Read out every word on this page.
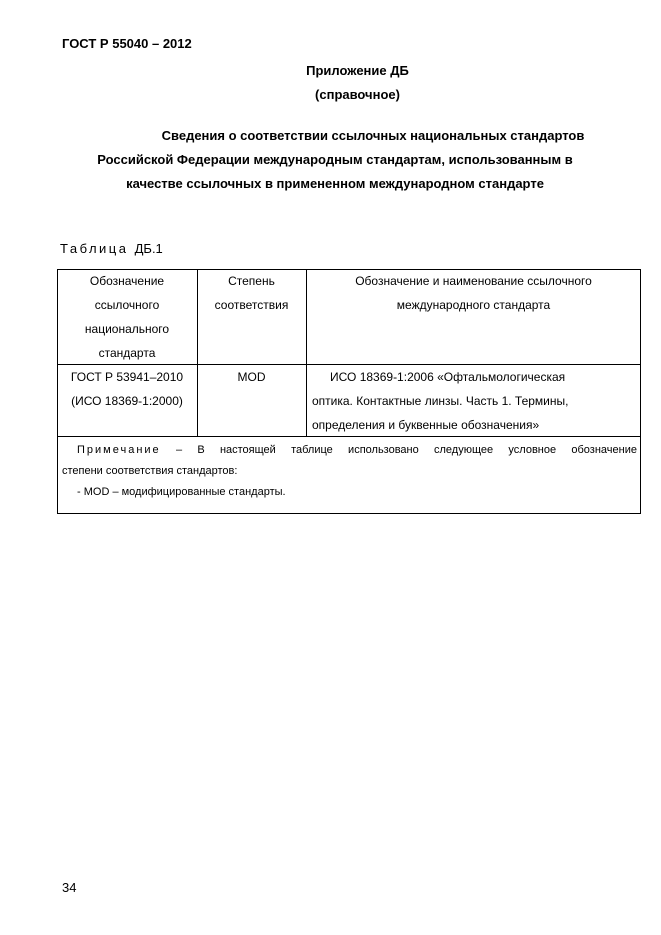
ГОСТ Р 55040 – 2012
Приложение ДБ
(справочное)
Сведения о соответствии ссылочных национальных стандартов
Российской Федерации международным стандартам, использованным в
качестве ссылочных в примененном международном стандарте
Таблица ДБ.1
Обозначение
ссылочного
национального
стандарта
Степень
соответствия
Обозначение и наименование ссылочного
международного стандарта
ГОСТ Р 53941–2010
(ИСО 18369-1:2000)
MOD	ИСО 18369-1:2006 «Офтальмологическая
оптика. Контактные линзы. Часть 1. Термины,
определения и буквенные обозначения»
Примечание – В настоящей таблице использовано следующее условное обозначение
степени соответствия стандартов:
- MOD – модифицированные стандарты.
34
